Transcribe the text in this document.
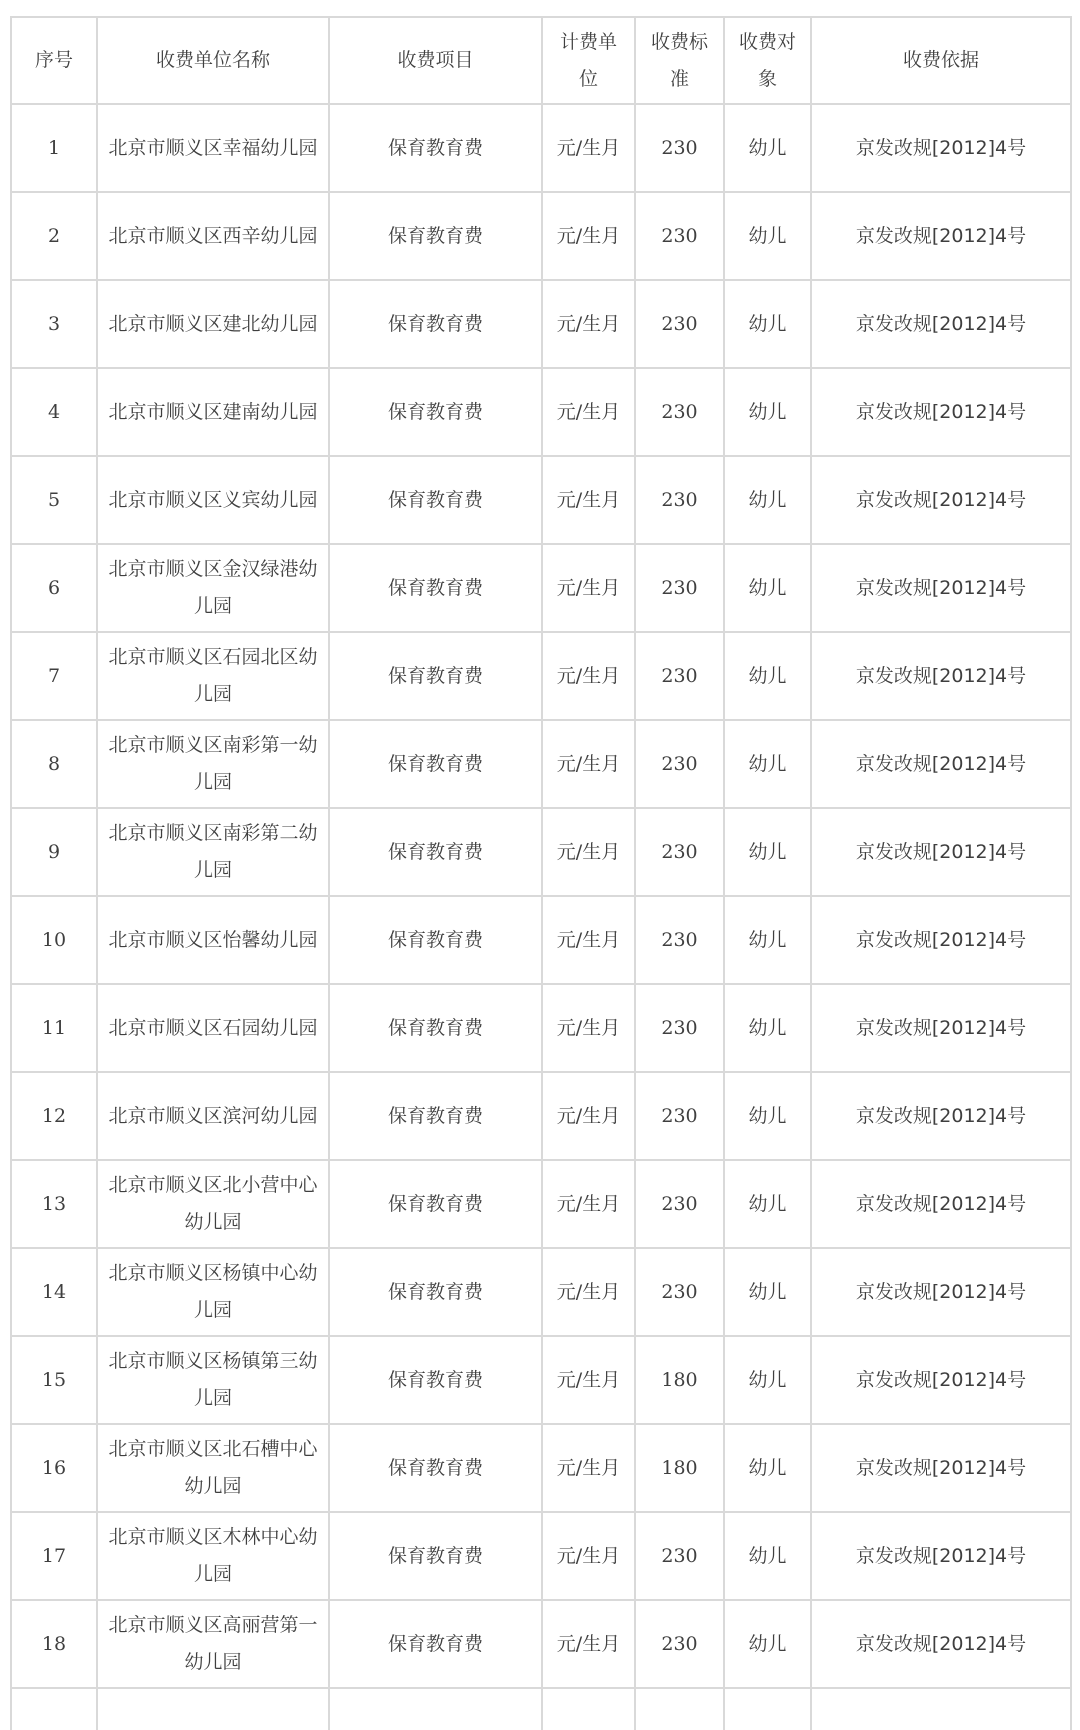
序号	收费单位名称	收费项目	计费单位	收费标准	收费对象	收费依据
1	北京市顺义区幸福幼儿园	保育教育费	元/生月	230	幼儿	京发改规[2012]4号
2	北京市顺义区西辛幼儿园	保育教育费	元/生月	230	幼儿	京发改规[2012]4号
3	北京市顺义区建北幼儿园	保育教育费	元/生月	230	幼儿	京发改规[2012]4号
4	北京市顺义区建南幼儿园	保育教育费	元/生月	230	幼儿	京发改规[2012]4号
5	北京市顺义区义宾幼儿园	保育教育费	元/生月	230	幼儿	京发改规[2012]4号
6	北京市顺义区金汉绿港幼儿园	保育教育费	元/生月	230	幼儿	京发改规[2012]4号
7	北京市顺义区石园北区幼儿园	保育教育费	元/生月	230	幼儿	京发改规[2012]4号
8	北京市顺义区南彩第一幼儿园	保育教育费	元/生月	230	幼儿	京发改规[2012]4号
9	北京市顺义区南彩第二幼儿园	保育教育费	元/生月	230	幼儿	京发改规[2012]4号
10	北京市顺义区怡馨幼儿园	保育教育费	元/生月	230	幼儿	京发改规[2012]4号
11	北京市顺义区石园幼儿园	保育教育费	元/生月	230	幼儿	京发改规[2012]4号
12	北京市顺义区滨河幼儿园	保育教育费	元/生月	230	幼儿	京发改规[2012]4号
13	北京市顺义区北小营中心幼儿园	保育教育费	元/生月	230	幼儿	京发改规[2012]4号
14	北京市顺义区杨镇中心幼儿园	保育教育费	元/生月	230	幼儿	京发改规[2012]4号
15	北京市顺义区杨镇第三幼儿园	保育教育费	元/生月	180	幼儿	京发改规[2012]4号
16	北京市顺义区北石槽中心幼儿园	保育教育费	元/生月	180	幼儿	京发改规[2012]4号
17	北京市顺义区木林中心幼儿园	保育教育费	元/生月	230	幼儿	京发改规[2012]4号
18	北京市顺义区高丽营第一幼儿园	保育教育费	元/生月	230	幼儿	京发改规[2012]4号
